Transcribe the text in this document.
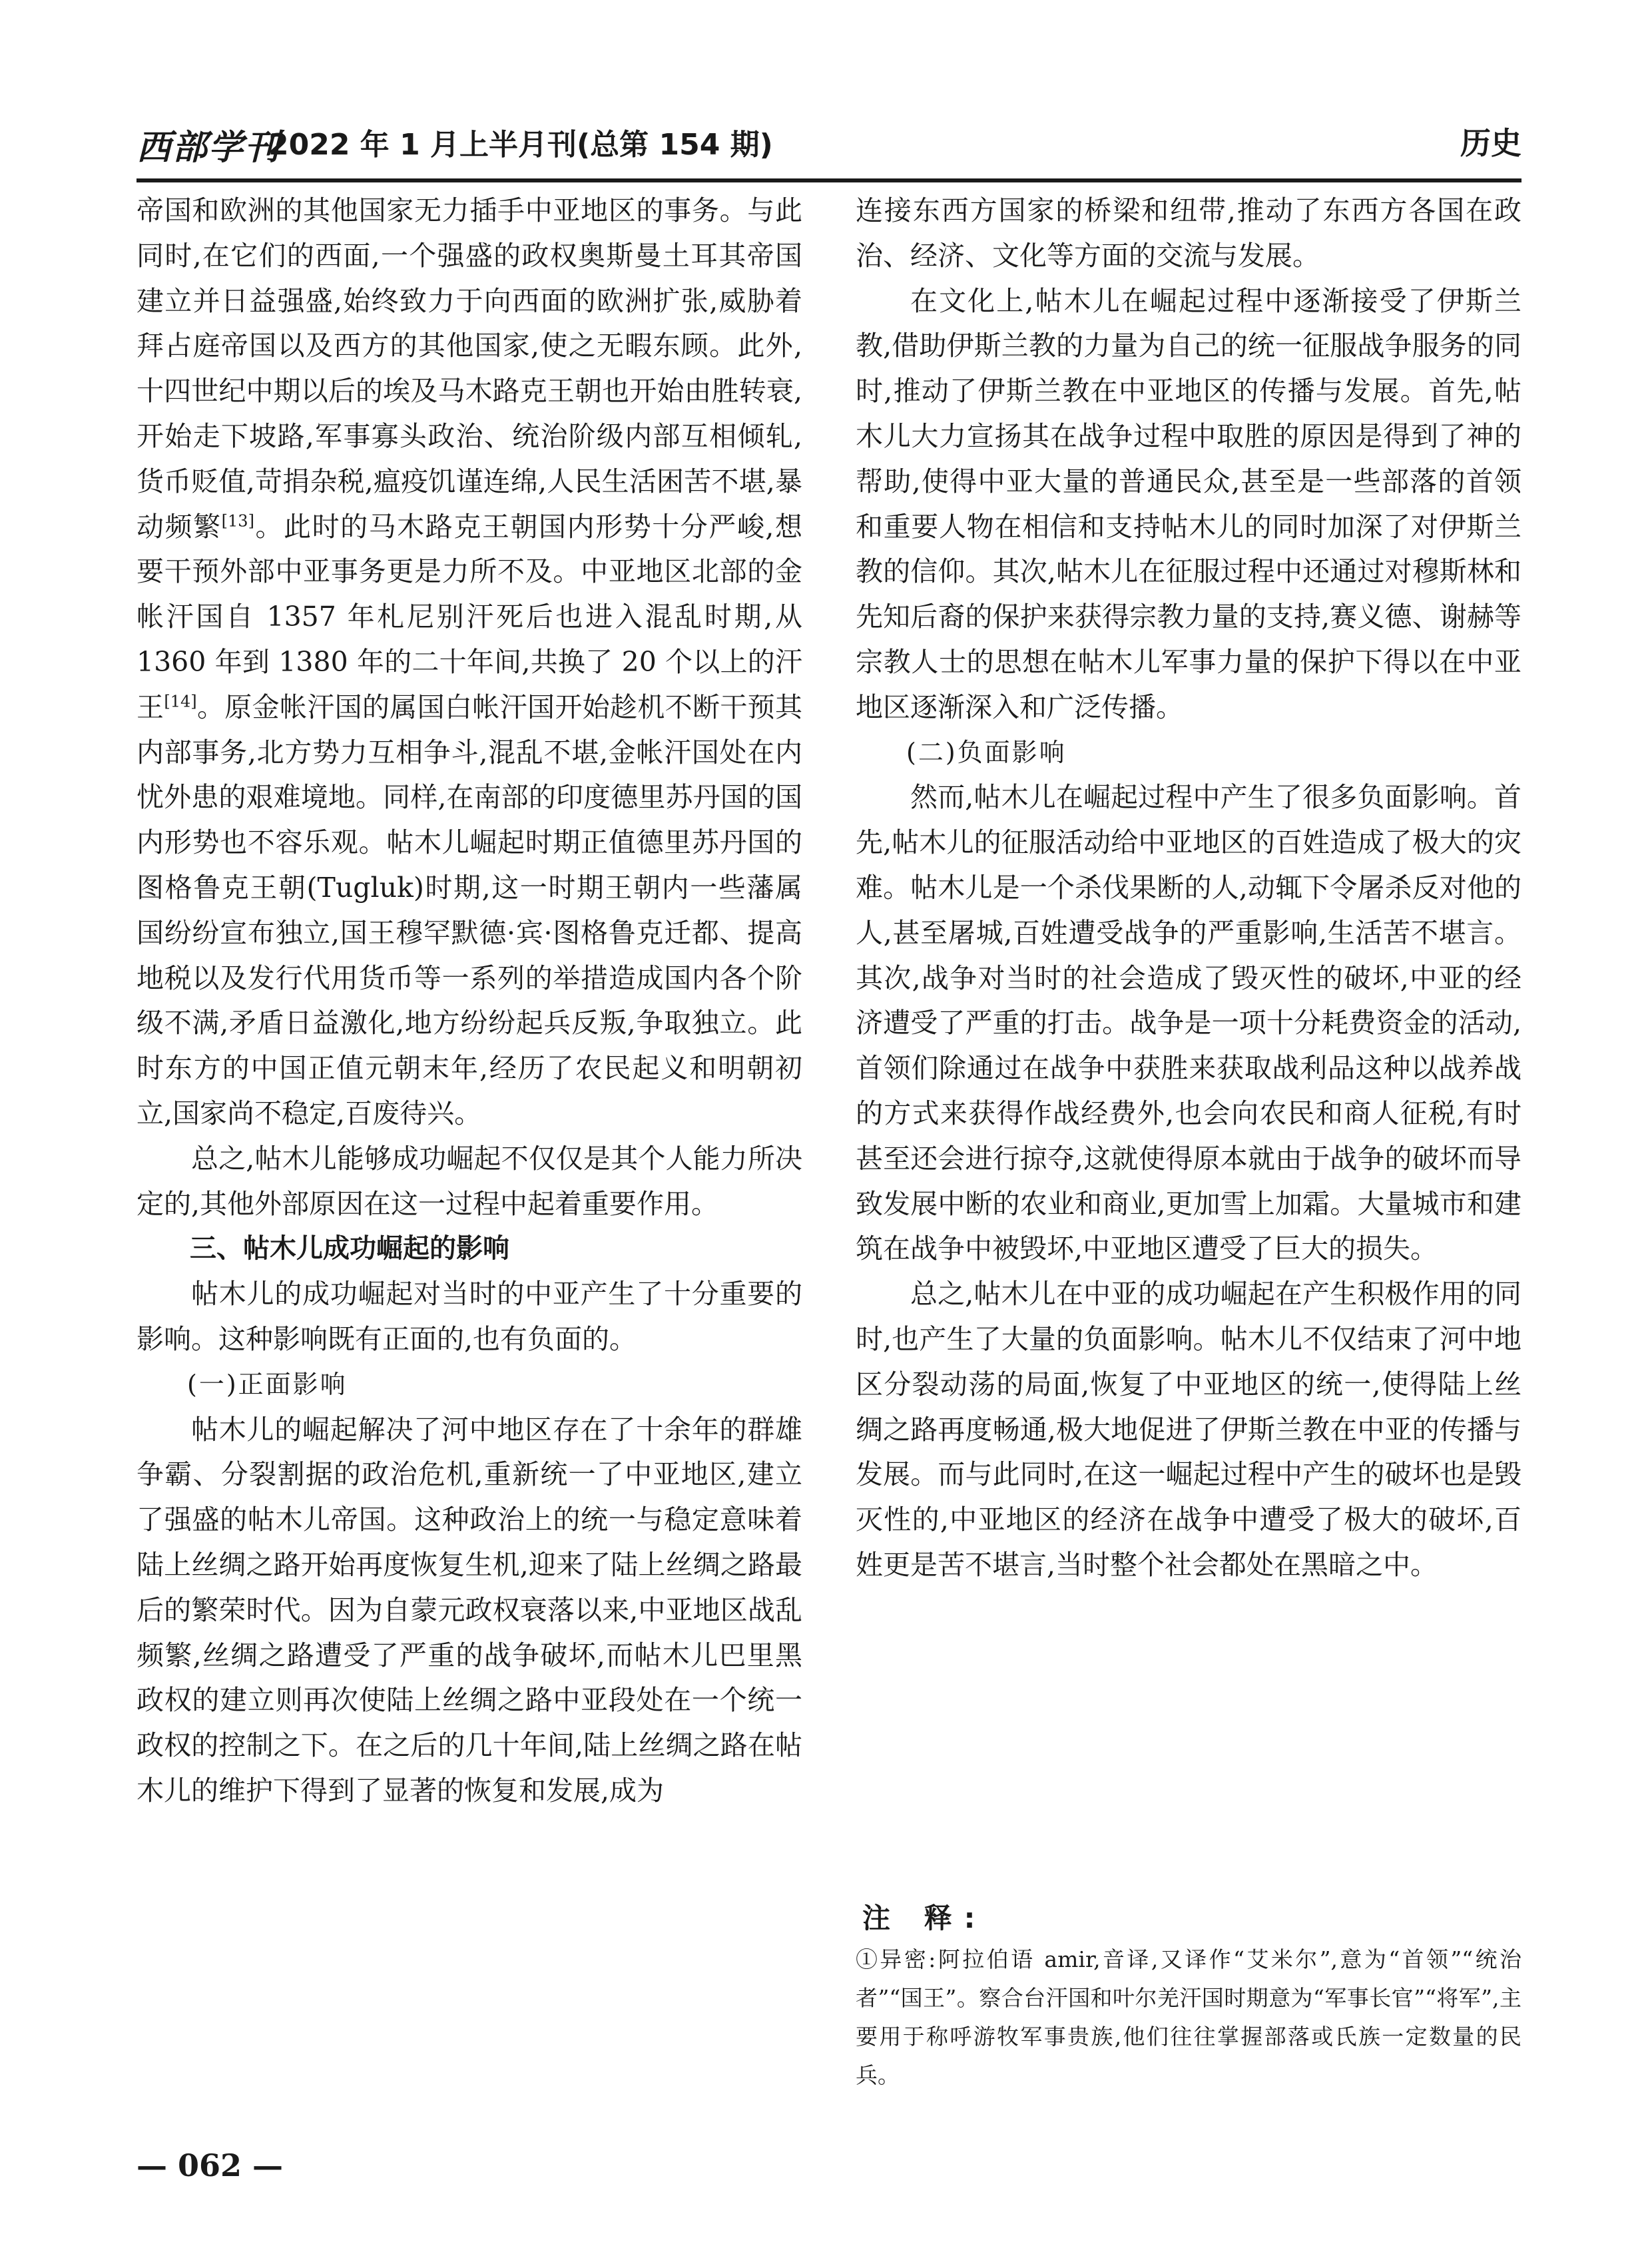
西部学刊
2022 年 1 月上半月刊(总第 154 期)	历史

帝国和欧洲的其他国家无力插手中亚地区的事务。与此同时,在它们的西面,一个强盛的政权奥斯曼土耳其帝国建立并日益强盛,始终致力于向西面的欧洲扩张,威胁着拜占庭帝国以及西方的其他国家,使之无暇东顾。此外,十四世纪中期以后的埃及马木路克王朝也开始由胜转衰,开始走下坡路,军事寡头政治、统治阶级内部互相倾轧,货币贬值,苛捐杂税,瘟疫饥谨连绵,人民生活困苦不堪,暴动频繁[13]。此时的马木路克王朝国内形势十分严峻,想要干预外部中亚事务更是力所不及。中亚地区北部的金帐汗国自 1357 年札尼别汗死后也进入混乱时期,从 1360 年到 1380 年的二十年间,共换了 20 个以上的汗王[14]。原金帐汗国的属国白帐汗国开始趁机不断干预其内部事务,北方势力互相争斗,混乱不堪,金帐汗国处在内忧外患的艰难境地。同样,在南部的印度德里苏丹国的国内形势也不容乐观。帖木儿崛起时期正值德里苏丹国的图格鲁克王朝(Tugluk)时期,这一时期王朝内一些藩属国纷纷宣布独立,国王穆罕默德·宾·图格鲁克迁都、提高地税以及发行代用货币等一系列的举措造成国内各个阶级不满,矛盾日益激化,地方纷纷起兵反叛,争取独立。此时东方的中国正值元朝末年,经历了农民起义和明朝初立,国家尚不稳定,百废待兴。

总之,帖木儿能够成功崛起不仅仅是其个人能力所决定的,其他外部原因在这一过程中起着重要作用。

三、帖木儿成功崛起的影响

帖木儿的成功崛起对当时的中亚产生了十分重要的影响。这种影响既有正面的,也有负面的。

(一)正面影响

帖木儿的崛起解决了河中地区存在了十余年的群雄争霸、分裂割据的政治危机,重新统一了中亚地区,建立了强盛的帖木儿帝国。这种政治上的统一与稳定意味着陆上丝绸之路开始再度恢复生机,迎来了陆上丝绸之路最后的繁荣时代。因为自蒙元政权衰落以来,中亚地区战乱频繁,丝绸之路遭受了严重的战争破坏,而帖木儿巴里黑政权的建立则再次使陆上丝绸之路中亚段处在一个统一政权的控制之下。在之后的几十年间,陆上丝绸之路在帖木儿的维护下得到了显著的恢复和发展,成为

连接东西方国家的桥梁和纽带,推动了东西方各国在政治、经济、文化等方面的交流与发展。

在文化上,帖木儿在崛起过程中逐渐接受了伊斯兰教,借助伊斯兰教的力量为自己的统一征服战争服务的同时,推动了伊斯兰教在中亚地区的传播与发展。首先,帖木儿大力宣扬其在战争过程中取胜的原因是得到了神的帮助,使得中亚大量的普通民众,甚至是一些部落的首领和重要人物在相信和支持帖木儿的同时加深了对伊斯兰教的信仰。其次,帖木儿在征服过程中还通过对穆斯林和先知后裔的保护来获得宗教力量的支持,赛义德、谢赫等宗教人士的思想在帖木儿军事力量的保护下得以在中亚地区逐渐深入和广泛传播。

(二)负面影响

然而,帖木儿在崛起过程中产生了很多负面影响。首先,帖木儿的征服活动给中亚地区的百姓造成了极大的灾难。帖木儿是一个杀伐果断的人,动辄下令屠杀反对他的人,甚至屠城,百姓遭受战争的严重影响,生活苦不堪言。其次,战争对当时的社会造成了毁灭性的破坏,中亚的经济遭受了严重的打击。战争是一项十分耗费资金的活动,首领们除通过在战争中获胜来获取战利品这种以战养战的方式来获得作战经费外,也会向农民和商人征税,有时甚至还会进行掠夺,这就使得原本就由于战争的破坏而导致发展中断的农业和商业,更加雪上加霜。大量城市和建筑在战争中被毁坏,中亚地区遭受了巨大的损失。

总之,帖木儿在中亚的成功崛起在产生积极作用的同时,也产生了大量的负面影响。帖木儿不仅结束了河中地区分裂动荡的局面,恢复了中亚地区的统一,使得陆上丝绸之路再度畅通,极大地促进了伊斯兰教在中亚的传播与发展。而与此同时,在这一崛起过程中产生的破坏也是毁灭性的,中亚地区的经济在战争中遭受了极大的破坏,百姓更是苦不堪言,当时整个社会都处在黑暗之中。

注 释:

①异密:阿拉伯语 amir,音译,又译作“艾米尔”,意为“首领”“统治者”“国王”。察合台汗国和叶尔羌汗国时期意为“军事长官”“将军”,主要用于称呼游牧军事贵族,他们往往掌握部落或氏族一定数量的民兵。

— 062 —
